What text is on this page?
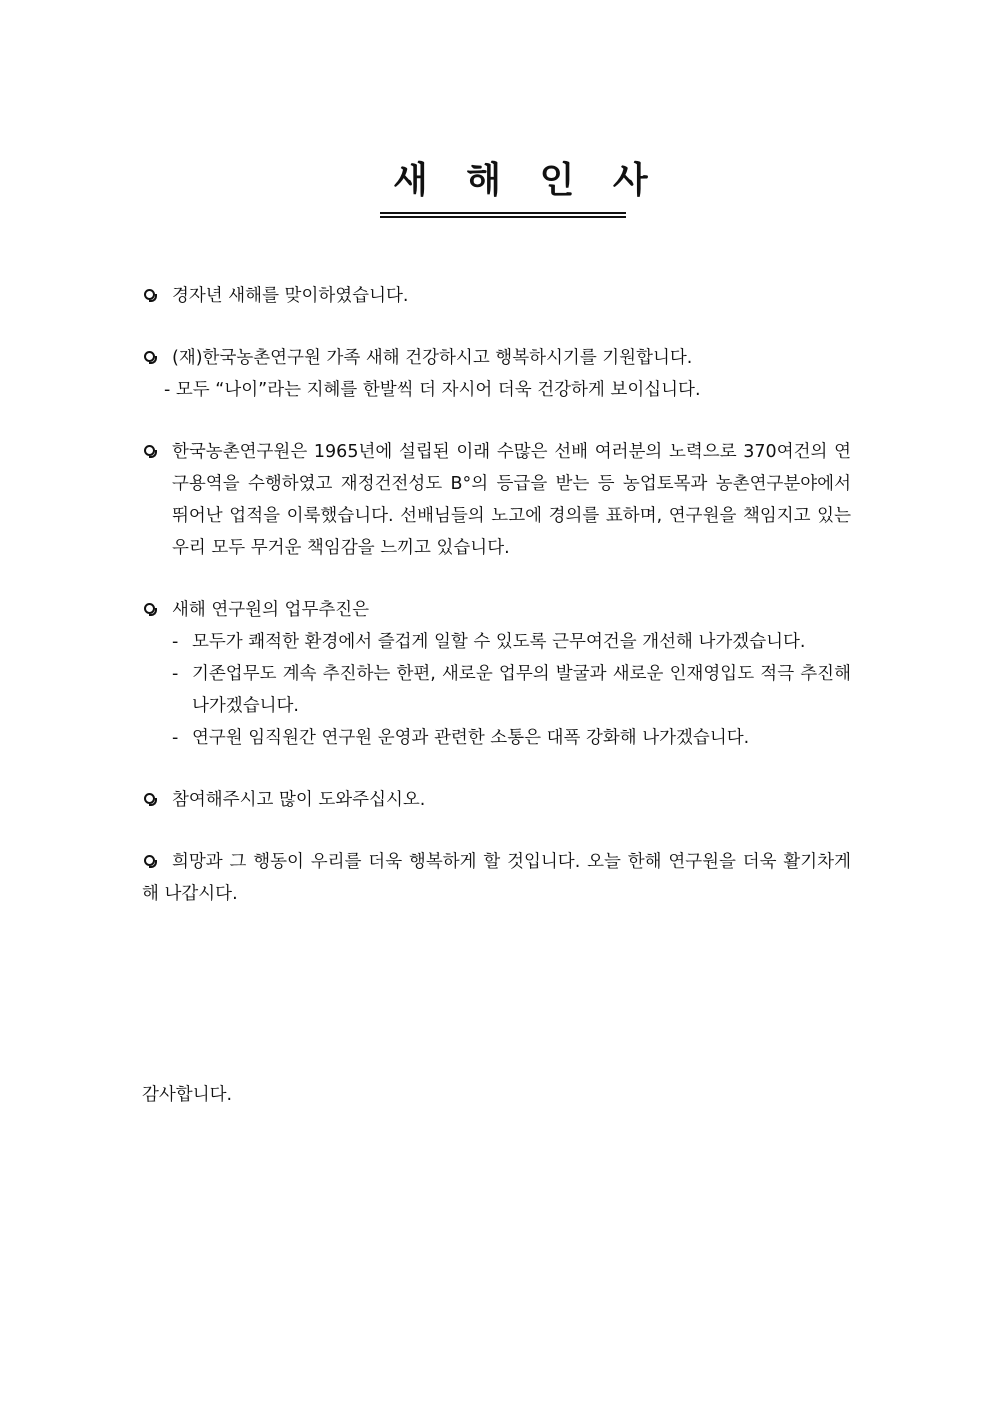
새 해 인 사
경자년 새해를 맞이하였습니다.
(재)한국농촌연구원 가족 새해 건강하시고 행복하시기를 기원합니다.
- 모두 “나이”라는 지혜를 한발씩 더 자시어 더욱 건강하게 보이십니다.
한국농촌연구원은 1965년에 설립된 이래 수많은 선배 여러분의 노력으로 370여건의 연구용역을 수행하였고 재정건전성도 B°의 등급을 받는 등 농업토목과 농촌연구분야에서 뛰어난 업적을 이룩했습니다. 선배님들의 노고에 경의를 표하며, 연구원을 책임지고 있는 우리 모두 무거운 책임감을 느끼고 있습니다.
새해 연구원의 업무추진은
- 모두가 쾌적한 환경에서 즐겁게 일할 수 있도록 근무여건을 개선해 나가겠습니다.
- 기존업무도 계속 추진하는 한편, 새로운 업무의 발굴과 새로운 인재영입도 적극 추진해 나가겠습니다.
- 연구원 임직원간 연구원 운영과 관련한 소통은 대폭 강화해 나가겠습니다.
참여해주시고 많이 도와주십시오.
희망과 그 행동이 우리를 더욱 행복하게 할 것입니다. 오늘 한해 연구원을 더욱 활기차게 해 나갑시다.
감사합니다.
